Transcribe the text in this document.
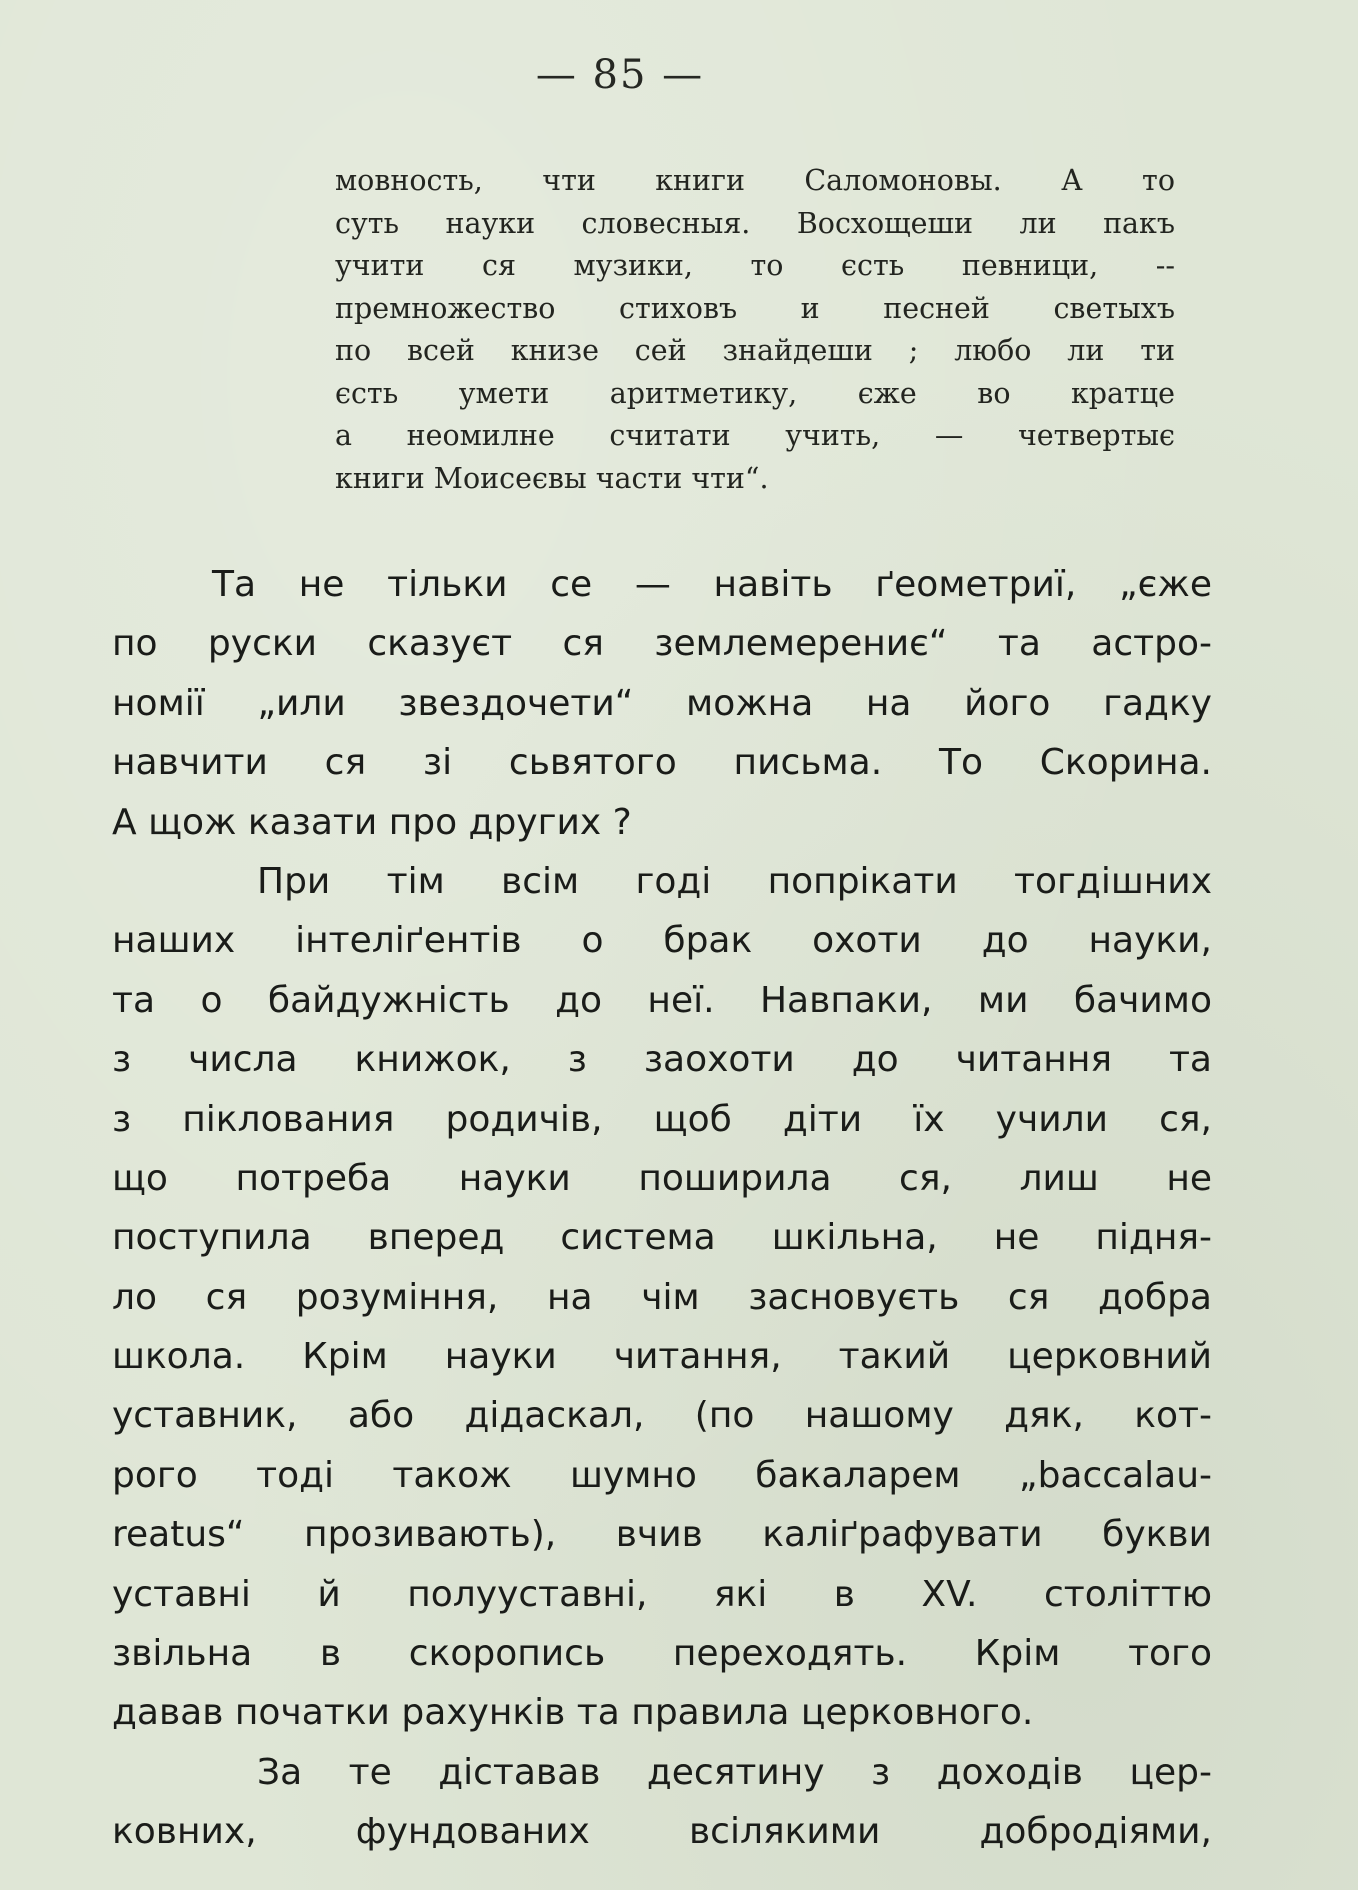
— 85 —
мовность, чти книги Саломоновы. А то
суть науки словесныя. Восхощеши ли пакъ
учити ся музики, то єсть певници, --
премножество стиховъ и песней светыхъ
по всей книзе сей знайдеши ; любо ли ти
єсть умети аритметику, єже во кратце
а неомилне считати учить, — четвертыє
книги Моисеєвы части чти“.
Та не тільки се — навіть ґеометриї, „єже
по руски сказуєт ся землемерениє“ та астро-
номії „или звездочети“ можна на його гадку
навчити ся зі сьвятого письма. То Скорина.
А щож казати про других ?
При тім всім годі попрікати тогдішних
наших інтеліґентів о брак охоти до науки,
та о байдужність до неї. Навпаки, ми бачимо
з числа книжок, з заохоти до читання та
з піклования родичів, щоб діти їх учили ся,
що потреба науки поширила ся, лиш не
поступила вперед система шкільна, не підня-
ло ся розуміння, на чім засновуєть ся добра
школа. Крім науки читання, такий церковний
уставник, або дідаскал, (по нашому дяк, кот-
рого тоді також шумно бакаларем „baccalau-
reatus“ прозивають), вчив каліґрафувати букви
уставні й полууставні, які в XV. століттю
звільна в скоропись переходять. Крім того
давав початки рахунків та правила церковного.
За те діставав десятину з доходів цер-
ковних, фундованих всілякими добродіями,
